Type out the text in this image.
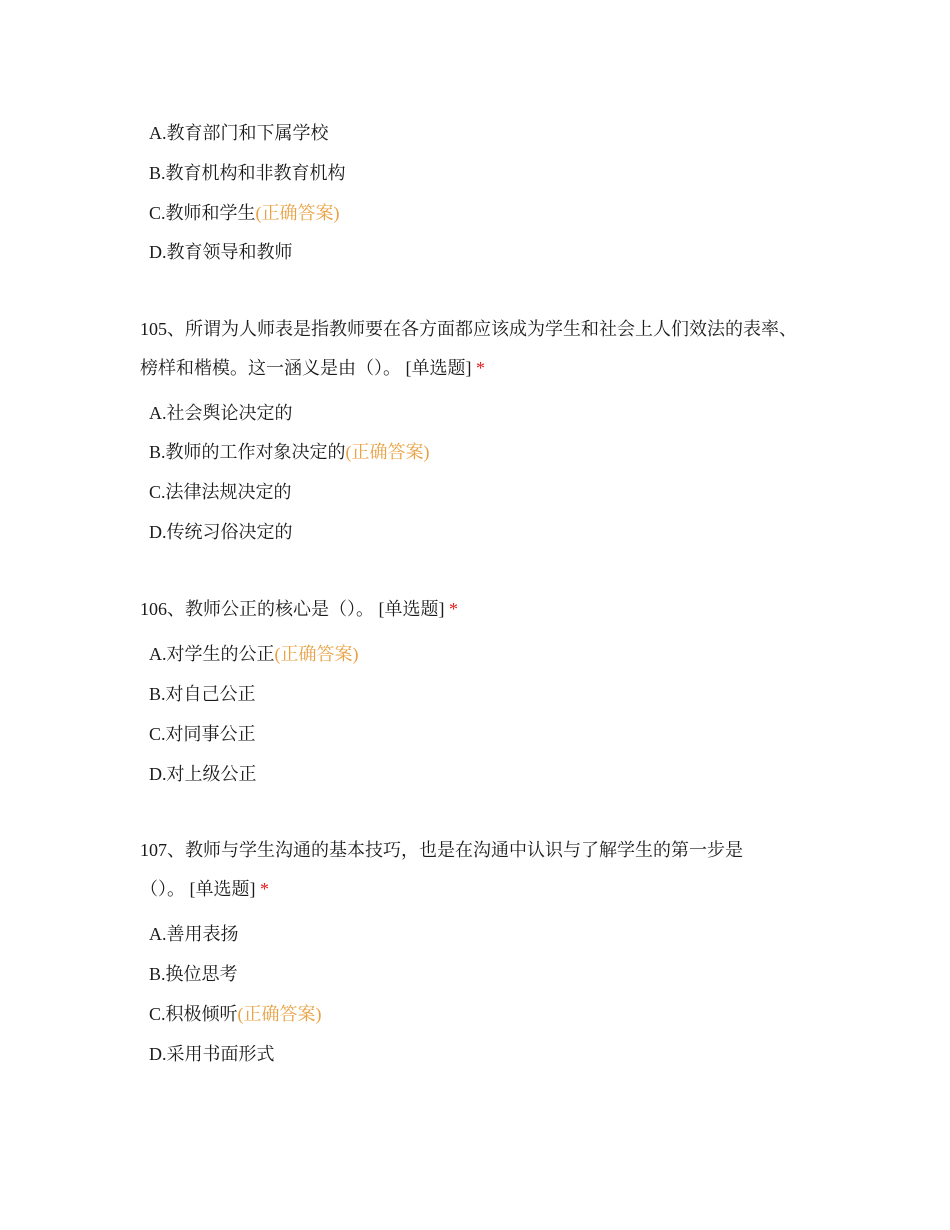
A.教育部门和下属学校
B.教育机构和非教育机构
C.教师和学生(正确答案)
D.教育领导和教师
105、所谓为人师表是指教师要在各方面都应该成为学生和社会上人们效法的表率、榜样和楷模。这一涵义是由（）。 [单选题] *
A.社会舆论决定的
B.教师的工作对象决定的(正确答案)
C.法律法规决定的
D.传统习俗决定的
106、教师公正的核心是（）。 [单选题] *
A.对学生的公正(正确答案)
B.对自己公正
C.对同事公正
D.对上级公正
107、教师与学生沟通的基本技巧，也是在沟通中认识与了解学生的第一步是（）。 [单选题] *
A.善用表扬
B.换位思考
C.积极倾听(正确答案)
D.采用书面形式
